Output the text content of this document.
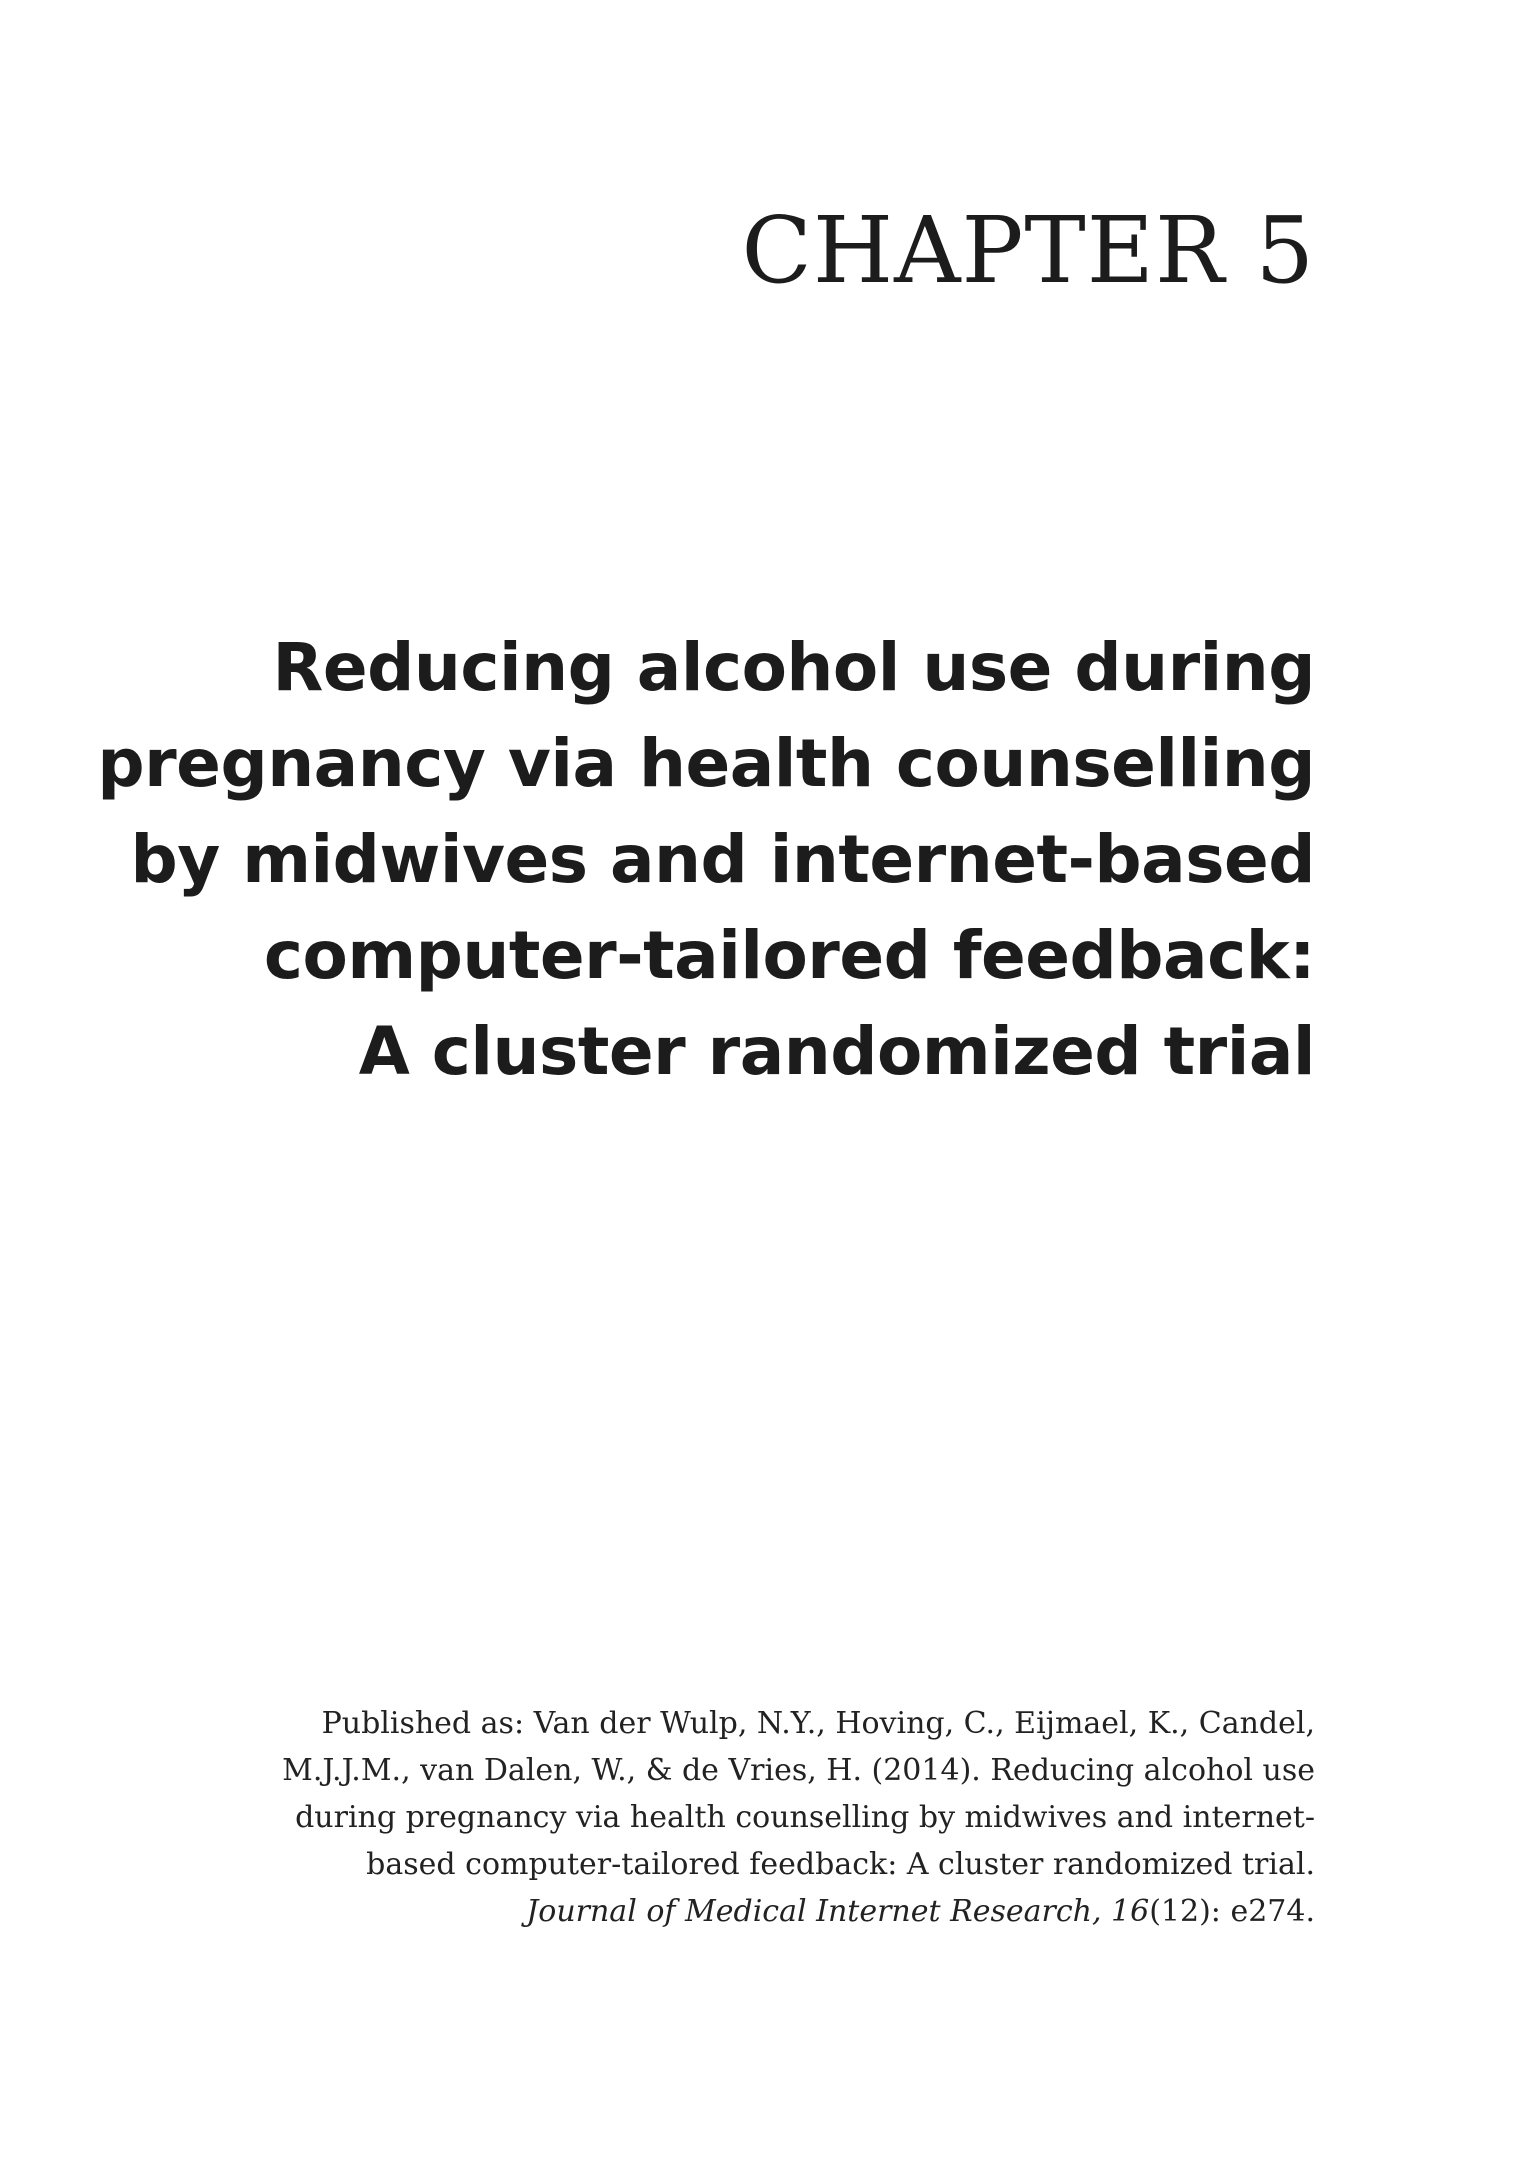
CHAPTER 5
Reducing alcohol use during
pregnancy via health counselling
by midwives and internet-based
computer-tailored feedback:
A cluster randomized trial

Published as: Van der Wulp, N.Y., Hoving, C., Eijmael, K., Candel,
M.J.J.M., van Dalen, W., & de Vries, H. (2014). Reducing alcohol use
during pregnancy via health counselling by midwives and internet-
based computer-tailored feedback: A cluster randomized trial.
Journal of Medical Internet Research, 16(12): e274.
